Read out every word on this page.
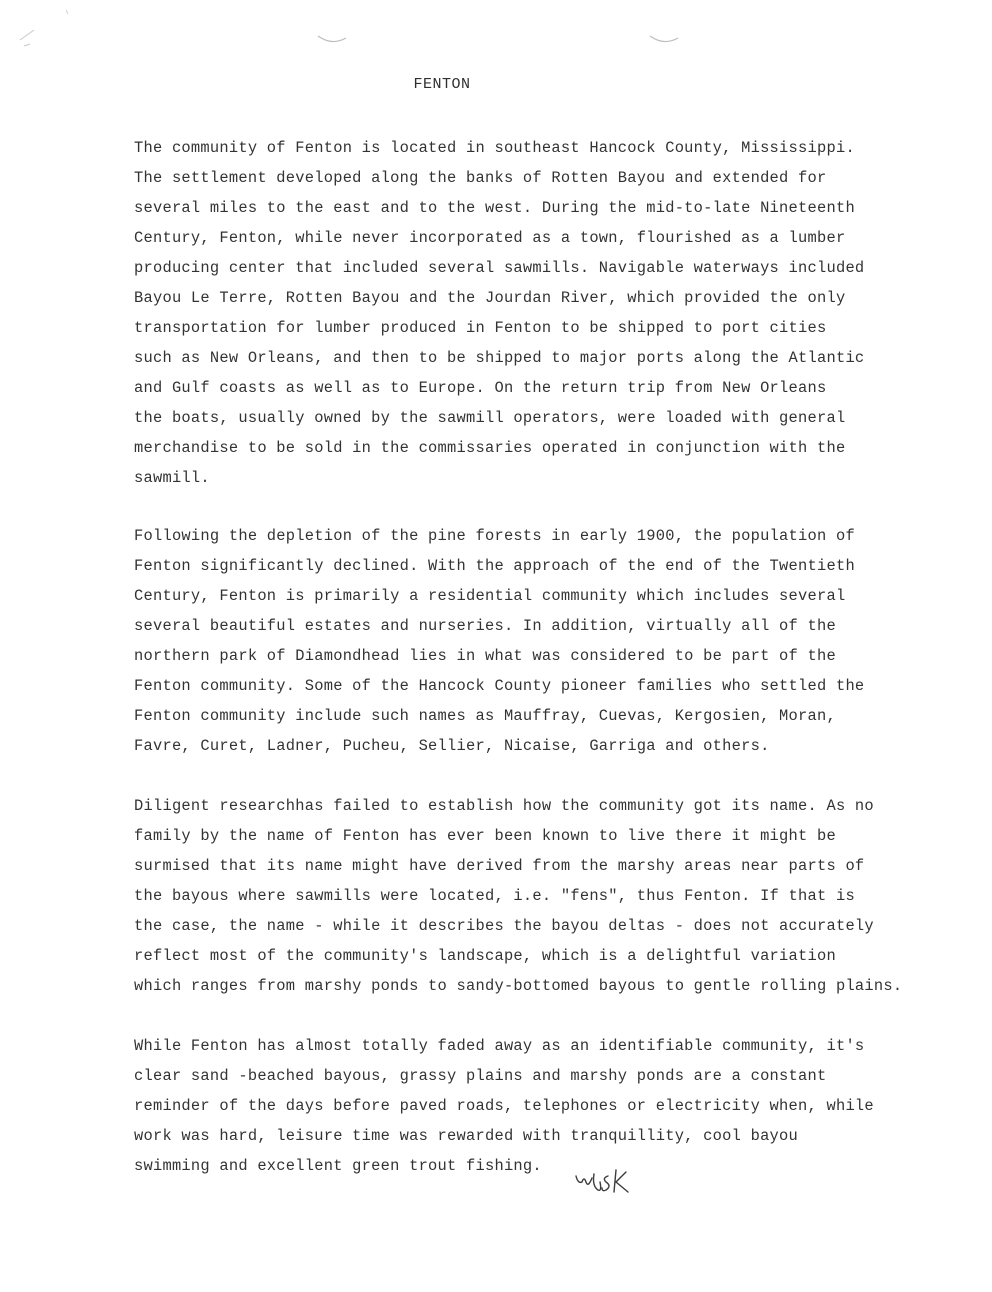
FENTON
The community of Fenton is located in southeast Hancock County, Mississippi.
The settlement developed along the banks of Rotten Bayou and extended for
several miles to the east and to the west. During the mid-to-late Nineteenth
Century, Fenton, while never incorporated as a town, flourished as a lumber
producing center that included several sawmills. Navigable waterways included
Bayou Le Terre, Rotten Bayou and the Jourdan River, which provided the only
transportation for lumber produced in Fenton to be shipped to port cities
such as New Orleans, and then to be shipped to major ports along the Atlantic
and Gulf coasts as well as to Europe. On the return trip from New Orleans
the boats, usually owned by the sawmill operators, were loaded with general
merchandise to be sold in the commissaries operated in conjunction with the
sawmill.
Following the depletion of the pine forests in early 1900, the population of
Fenton significantly declined. With the approach of the end of the Twentieth
Century, Fenton is primarily a residential community which includes several
several beautiful estates and nurseries. In addition, virtually all of the
northern park of Diamondhead lies in what was considered to be part of the
Fenton community. Some of the Hancock County pioneer families who settled the
Fenton community include such names as Mauffray, Cuevas, Kergosien, Moran,
Favre, Curet, Ladner, Pucheu, Sellier, Nicaise, Garriga and others.
Diligent researchhas failed to establish how the community got its name. As no
family by the name of Fenton has ever been known to live there it might be
surmised that its name might have derived from the marshy areas near parts of
the bayous where sawmills were located, i.e. "fens", thus Fenton. If that is
the case, the name - while it describes the bayou deltas - does not accurately
reflect most of the community's landscape, which is a delightful variation
which ranges from marshy ponds to sandy-bottomed bayous to gentle rolling plains.
While Fenton has almost totally faded away as an identifiable community, it's
clear sand -beached bayous, grassy plains and marshy ponds are a constant
reminder of the days before paved roads, telephones or electricity when, while
work was hard, leisure time was rewarded with tranquillity, cool bayou
swimming and excellent green trout fishing.
